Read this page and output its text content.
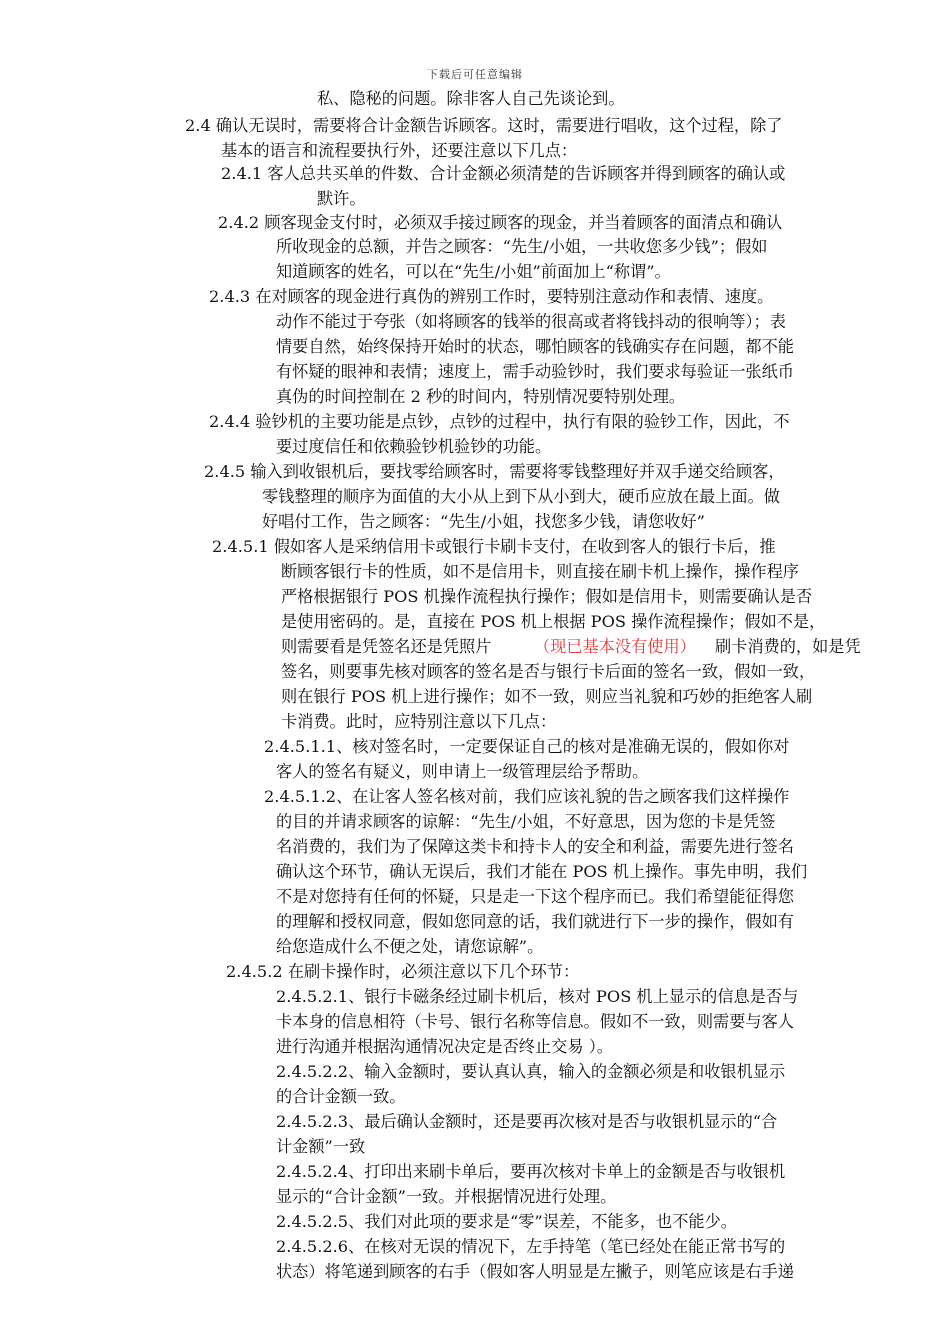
下载后可任意编辑
私、隐秘的问题。除非客人自己先谈论到。
2.4 确认无误时，需要将合计金额告诉顾客。这时，需要进行唱收，这个过程，除了
基本的语言和流程要执行外，还要注意以下几点：
2.4.1 客人总共买单的件数、合计金额必须清楚的告诉顾客并得到顾客的确认或
默许。
2.4.2 顾客现金支付时，必须双手接过顾客的现金，并当着顾客的面清点和确认
所收现金的总额，并告之顾客：“先生/小姐，一共收您多少钱”；假如
知道顾客的姓名，可以在“先生/小姐”前面加上“称谓”。
2.4.3 在对顾客的现金进行真伪的辨别工作时，要特别注意动作和表情、速度。
动作不能过于夸张（如将顾客的钱举的很高或者将钱抖动的很响等）；表
情要自然，始终保持开始时的状态，哪怕顾客的钱确实存在问题，都不能
有怀疑的眼神和表情；速度上，需手动验钞时，我们要求每验证一张纸币
真伪的时间控制在 2 秒的时间内，特别情况要特别处理。
2.4.4 验钞机的主要功能是点钞，点钞的过程中，执行有限的验钞工作，因此，不
要过度信任和依赖验钞机验钞的功能。
2.4.5 输入到收银机后，要找零给顾客时，需要将零钱整理好并双手递交给顾客，
零钱整理的顺序为面值的大小从上到下从小到大，硬币应放在最上面。做
好唱付工作，告之顾客：“先生/小姐，找您多少钱，请您收好”
2.4.5.1 假如客人是采纳信用卡或银行卡刷卡支付，在收到客人的银行卡后，推
断顾客银行卡的性质，如不是信用卡，则直接在刷卡机上操作，操作程序
严格根据银行 POS 机操作流程执行操作；假如是信用卡，则需要确认是否
是使用密码的。是，直接在 POS 机上根据 POS 操作流程操作；假如不是，
则需要看是凭签名还是凭照片	（现已基本没有使用） 刷卡消费的，如是凭
签名，则要事先核对顾客的签名是否与银行卡后面的签名一致，假如一致，
则在银行 POS 机上进行操作；如不一致，则应当礼貌和巧妙的拒绝客人刷
卡消费。此时，应特别注意以下几点：
2.4.5.1.1、核对签名时，一定要保证自己的核对是准确无误的，假如你对
客人的签名有疑义，则申请上一级管理层给予帮助。
2.4.5.1.2、在让客人签名核对前，我们应该礼貌的告之顾客我们这样操作
的目的并请求顾客的谅解：“先生/小姐，不好意思，因为您的卡是凭签
名消费的，我们为了保障这类卡和持卡人的安全和利益，需要先进行签名
确认这个环节，确认无误后，我们才能在 POS 机上操作。事先申明，我们
不是对您持有任何的怀疑，只是走一下这个程序而已。我们希望能征得您
的理解和授权同意，假如您同意的话，我们就进行下一步的操作，假如有
给您造成什么不便之处，请您谅解”。
2.4.5.2 在刷卡操作时，必须注意以下几个环节：
2.4.5.2.1、银行卡磁条经过刷卡机后，核对 POS 机上显示的信息是否与
卡本身的信息相符（卡号、银行名称等信息。假如不一致，则需要与客人
进行沟通并根据沟通情况决定是否终止交易 ）。
2.4.5.2.2、输入金额时，要认真认真，输入的金额必须是和收银机显示
的合计金额一致。
2.4.5.2.3、最后确认金额时，还是要再次核对是否与收银机显示的“合
计金额”一致
2.4.5.2.4、打印出来刷卡单后，要再次核对卡单上的金额是否与收银机
显示的“合计金额”一致。并根据情况进行处理。
2.4.5.2.5、我们对此项的要求是“零”误差，不能多，也不能少。
2.4.5.2.6、在核对无误的情况下，左手持笔（笔已经处在能正常书写的
状态）将笔递到顾客的右手（假如客人明显是左撇子，则笔应该是右手递
